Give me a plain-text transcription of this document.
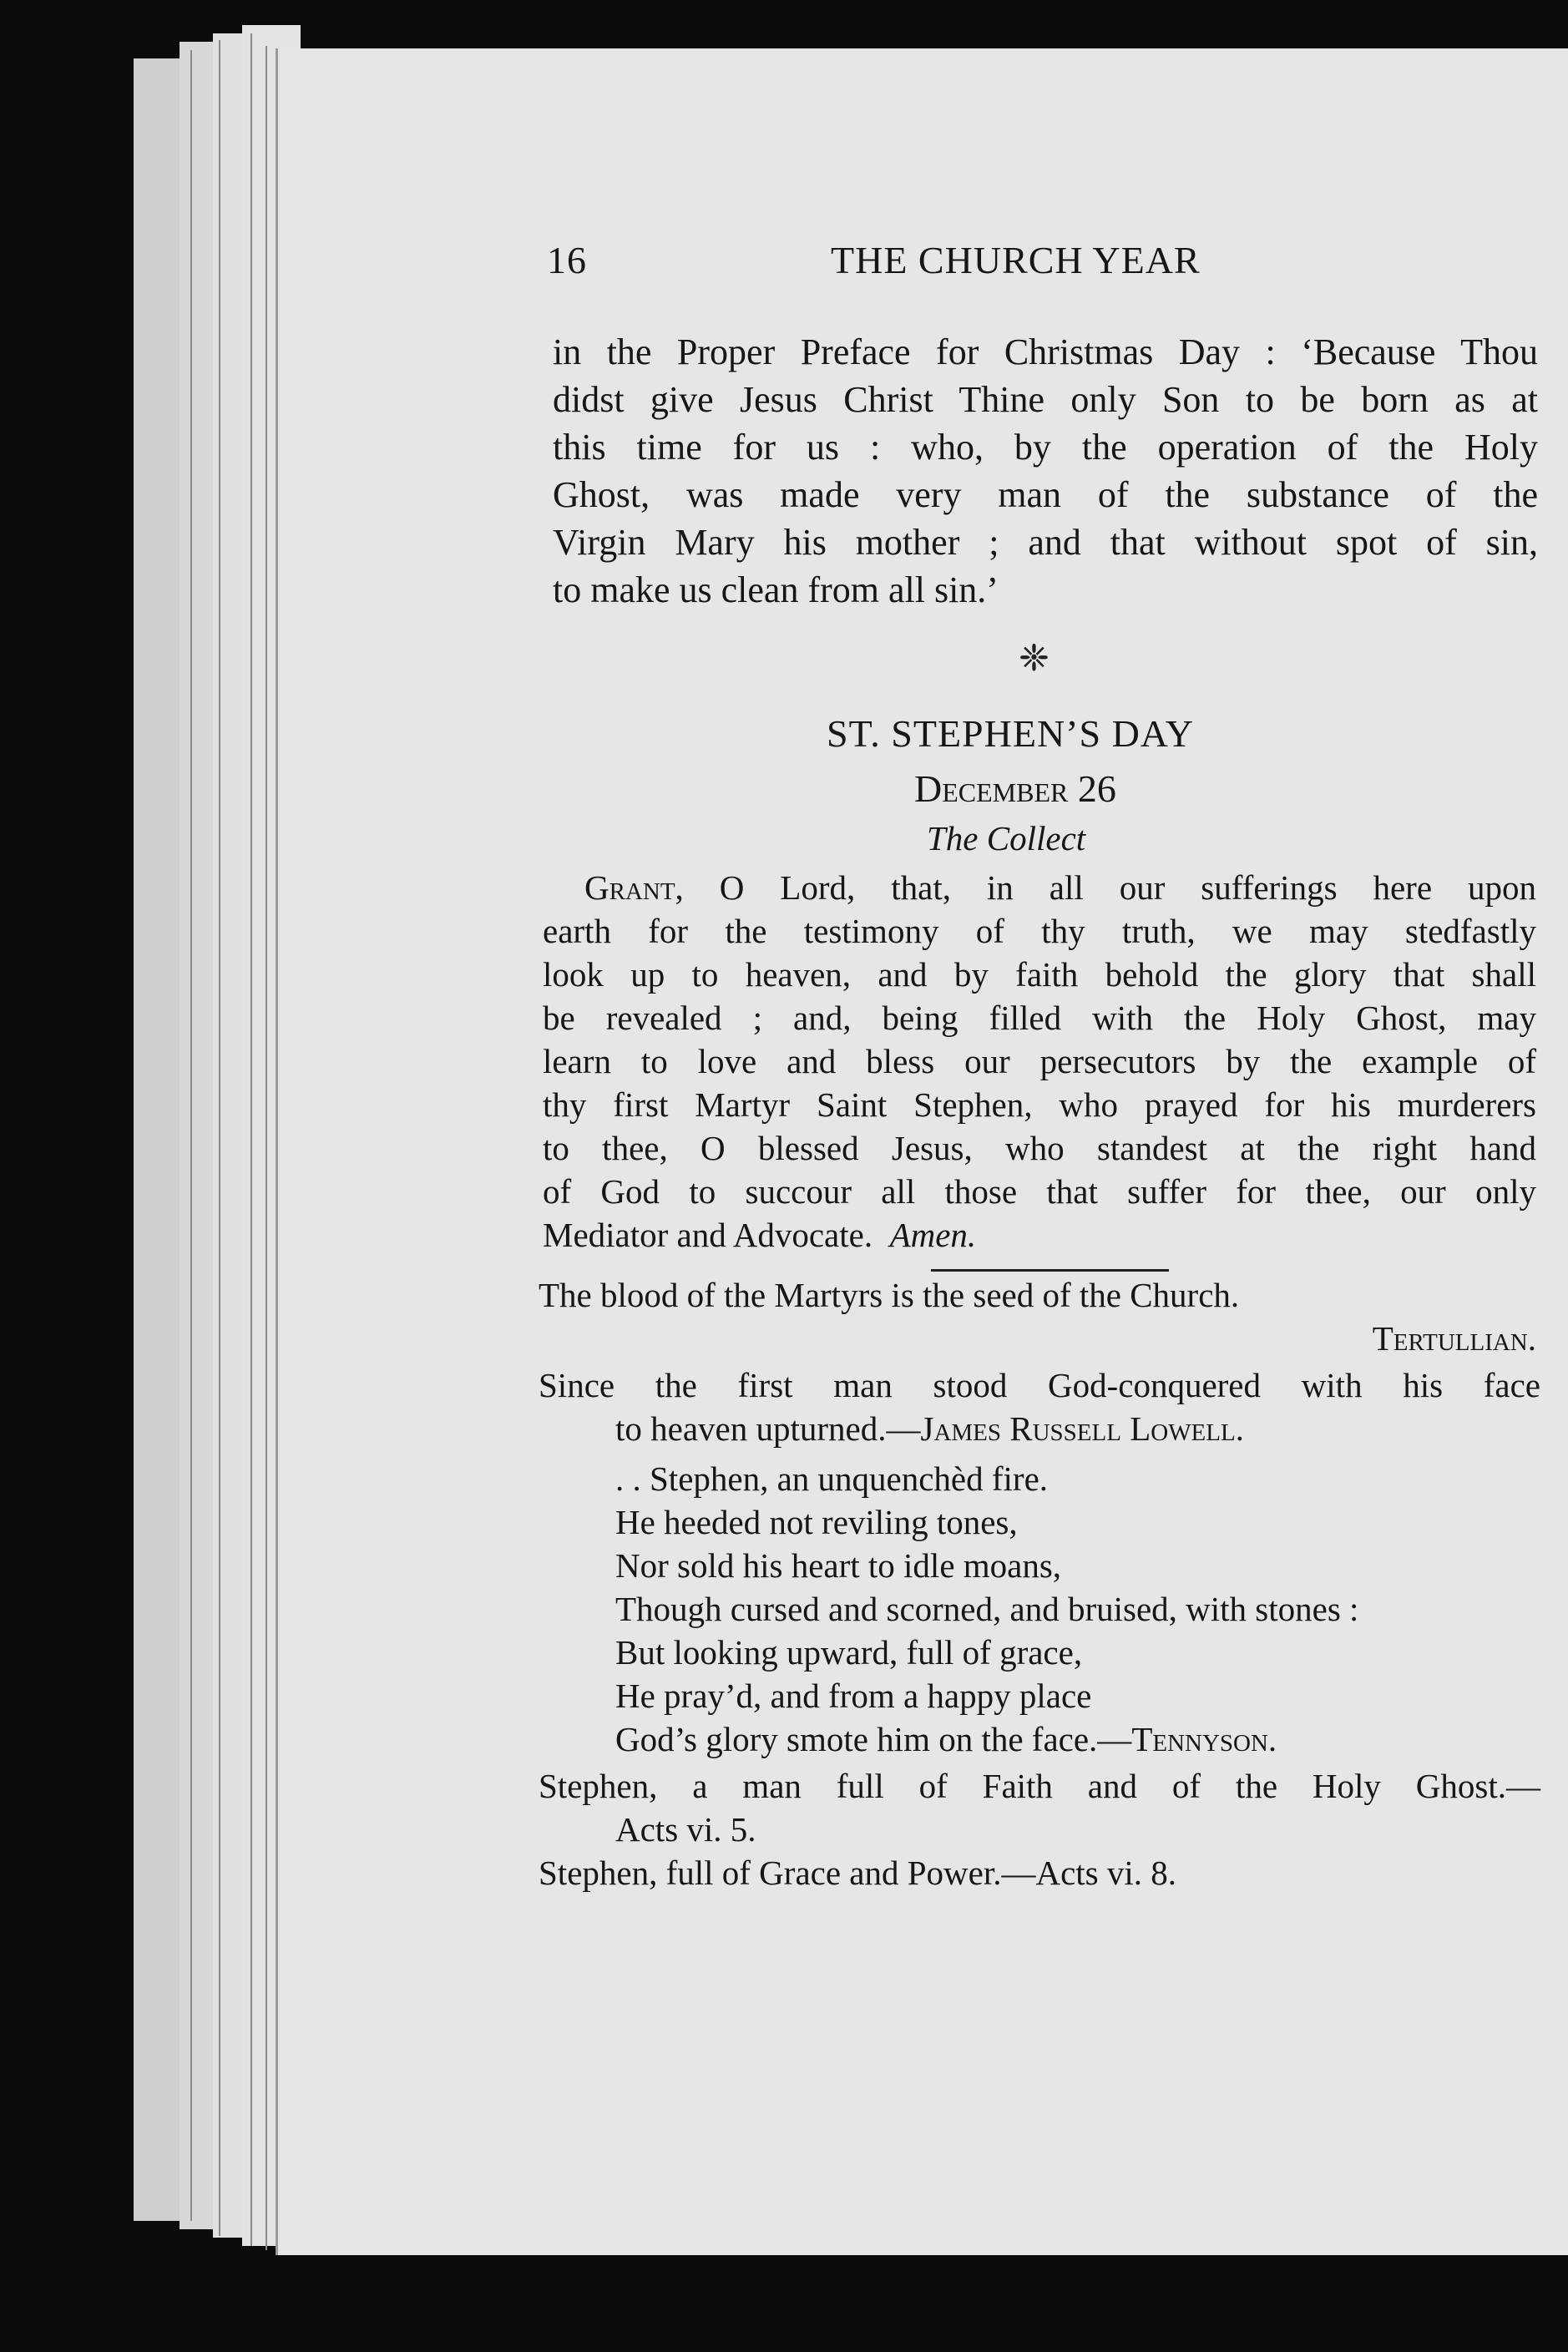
16	THE CHURCH YEAR
in the Proper Preface for Christmas Day : ‘Because Thou
didst give Jesus Christ Thine only Son to be born as at
this time for us : who, by the operation of the Holy
Ghost, was made very man of the substance of the
Virgin Mary his mother ; and that without spot of sin,
to make us clean from all sin.’
❈
ST. STEPHEN’S DAY
December 26
The Collect
Grant, O Lord, that, in all our sufferings here upon
earth for the testimony of thy truth, we may stedfastly
look up to heaven, and by faith behold the glory that shall
be revealed ; and, being filled with the Holy Ghost, may
learn to love and bless our persecutors by the example of
thy first Martyr Saint Stephen, who prayed for his murderers
to thee, O blessed Jesus, who standest at the right hand
of God to succour all those that suffer for thee, our only
Mediator and Advocate. Amen.
The blood of the Martyrs is the seed of the Church.
Tertullian.
Since the first man stood God-conquered with his face
to heaven upturned.—James Russell Lowell.
. . Stephen, an unquenchèd fire.
He heeded not reviling tones,
Nor sold his heart to idle moans,
Though cursed and scorned, and bruised, with stones :
But looking upward, full of grace,
He pray’d, and from a happy place
God’s glory smote him on the face.—Tennyson.
Stephen, a man full of Faith and of the Holy Ghost.—
Acts vi. 5.
Stephen, full of Grace and Power.—Acts vi. 8.
